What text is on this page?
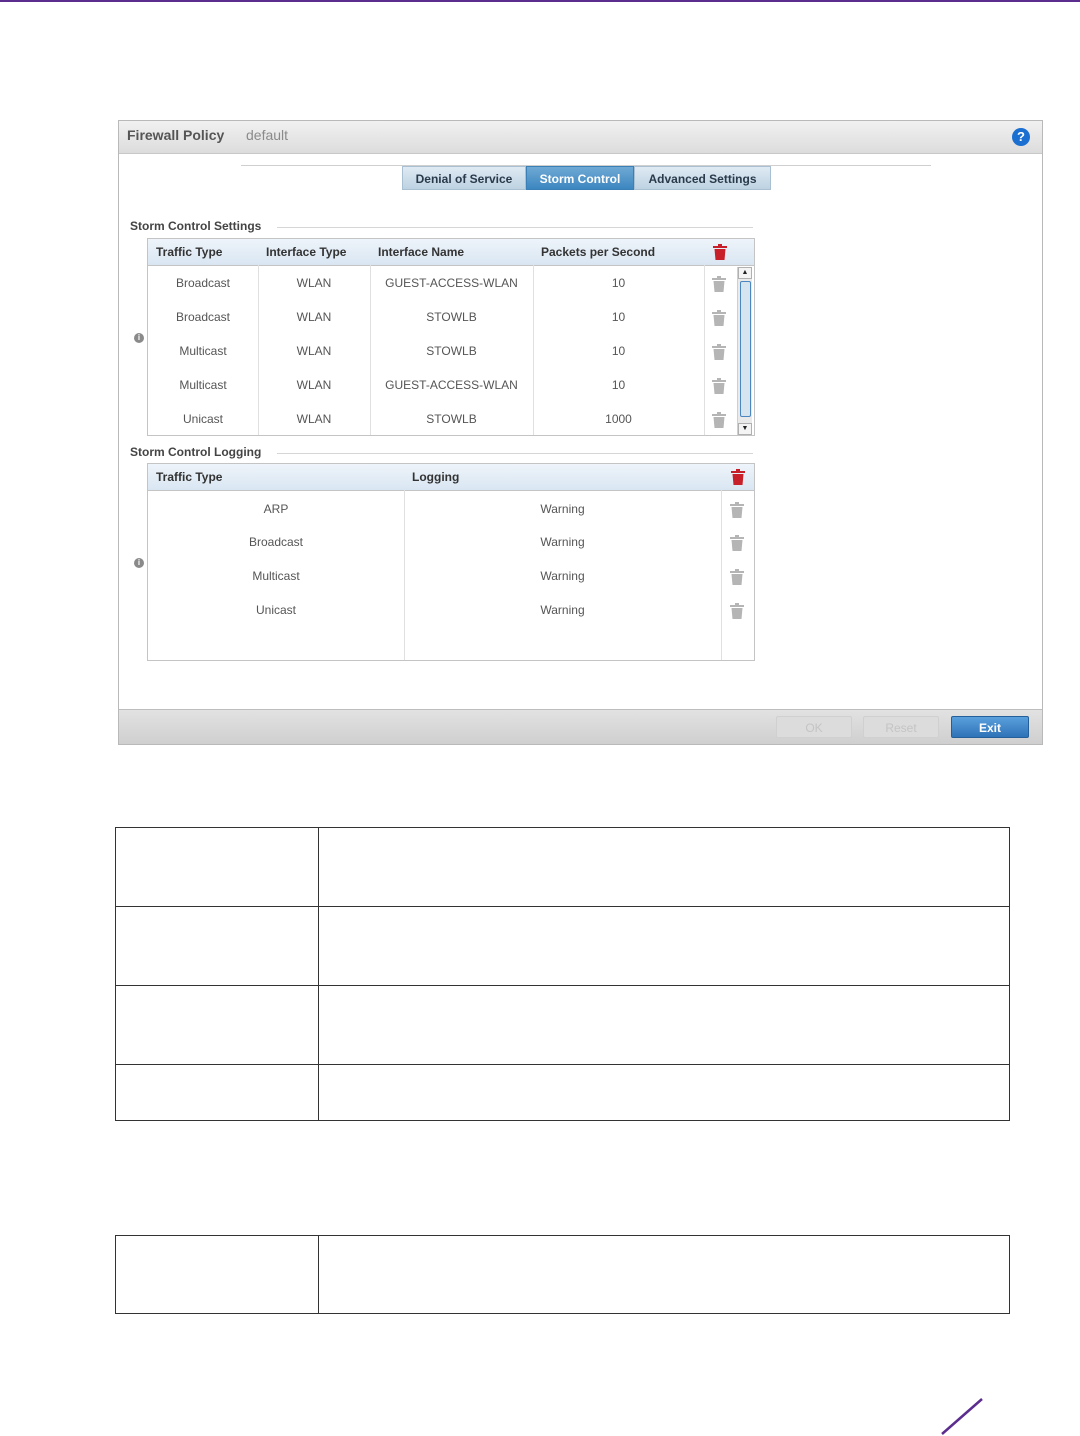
Firewall Policy default	?
Denial of Service	Storm Control	Advanced Settings
Storm Control Settings
i
Traffic Type	Interface Type	Interface Name	Packets per Second
Broadcast	WLAN	GUEST-ACCESS-WLAN	10
Broadcast	WLAN	STOWLB	10
Multicast	WLAN	STOWLB	10
Multicast	WLAN	GUEST-ACCESS-WLAN	10
Unicast	WLAN	STOWLB	1000
▲
▼
Storm Control Logging
i
Traffic Type	Logging
ARP	Warning
Broadcast	Warning
Multicast	Warning
Unicast	Warning
OK	Reset	Exit
